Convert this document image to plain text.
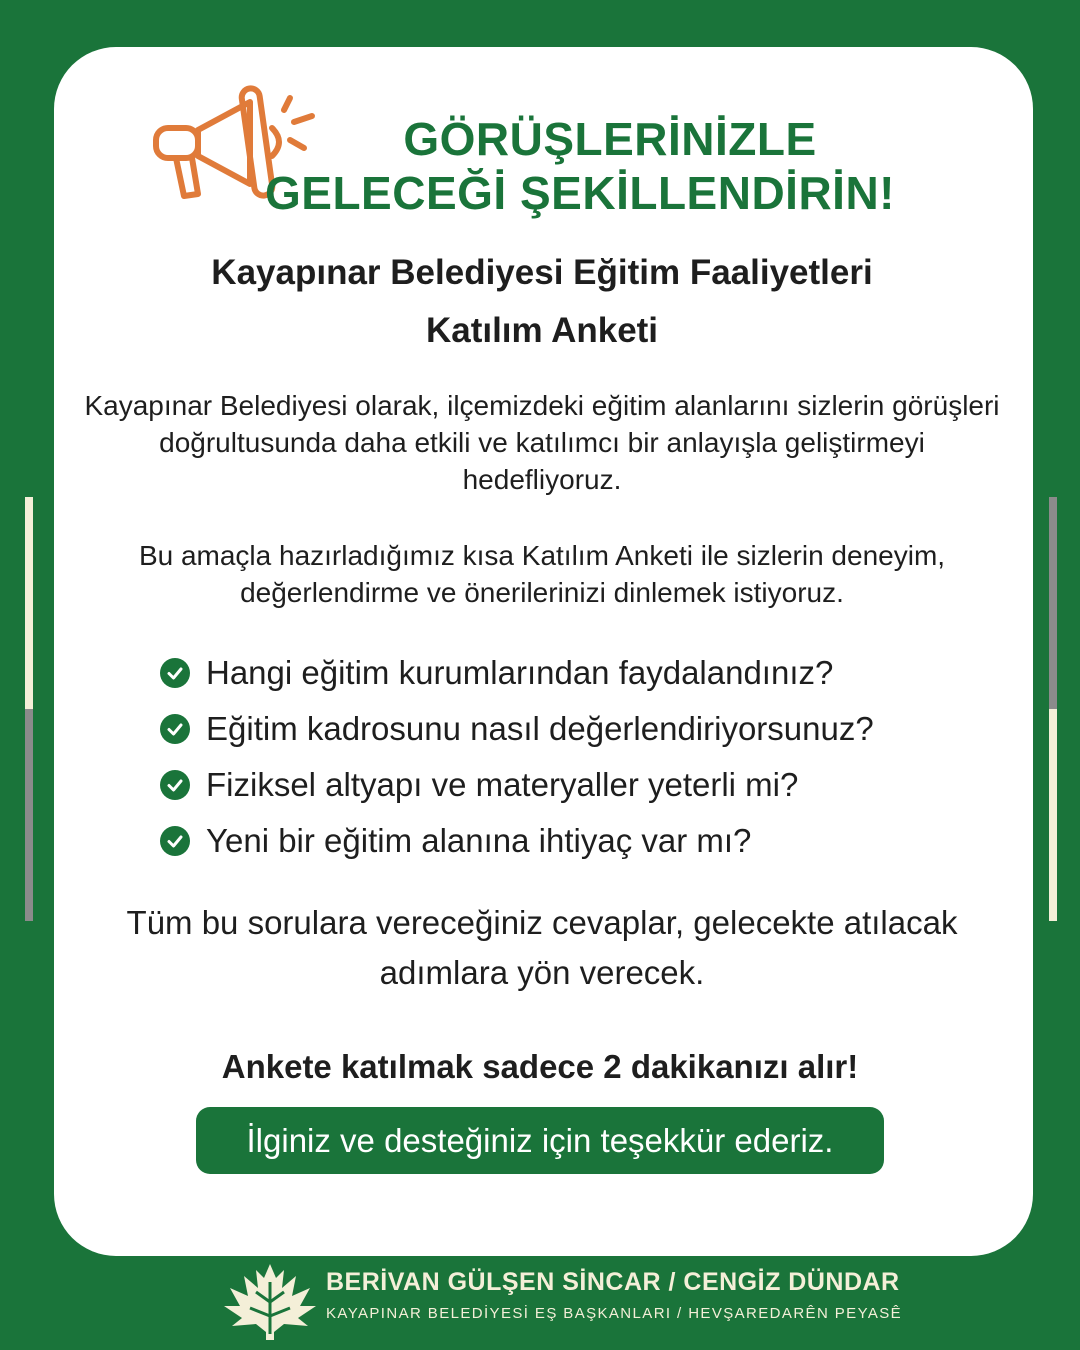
GÖRÜŞLERİNİZLE
GELECEĞİ ŞEKİLLENDİRİN!
Kayapınar Belediyesi Eğitim Faaliyetleri
Katılım Anketi
Kayapınar Belediyesi olarak, ilçemizdeki eğitim alanlarını sizlerin görüşleri doğrultusunda daha etkili ve katılımcı bir anlayışla geliştirmeyi hedefliyoruz.
Bu amaçla hazırladığımız kısa Katılım Anketi ile sizlerin deneyim, değerlendirme ve önerilerinizi dinlemek istiyoruz.
Hangi eğitim kurumlarından faydalandınız?
Eğitim kadrosunu nasıl değerlendiriyorsunuz?
Fiziksel altyapı ve materyaller yeterli mi?
Yeni bir eğitim alanına ihtiyaç var mı?
Tüm bu sorulara vereceğiniz cevaplar, gelecekte atılacak adımlara yön verecek.
Ankete katılmak sadece 2 dakikanızı alır!
İlginiz ve desteğiniz için teşekkür ederiz.
BERİVAN GÜLŞEN SİNCAR / CENGİZ DÜNDAR
KAYAPINAR BELEDİYESİ EŞ BAŞKANLARI / HEVŞAREDARÊN PEYASÊ
